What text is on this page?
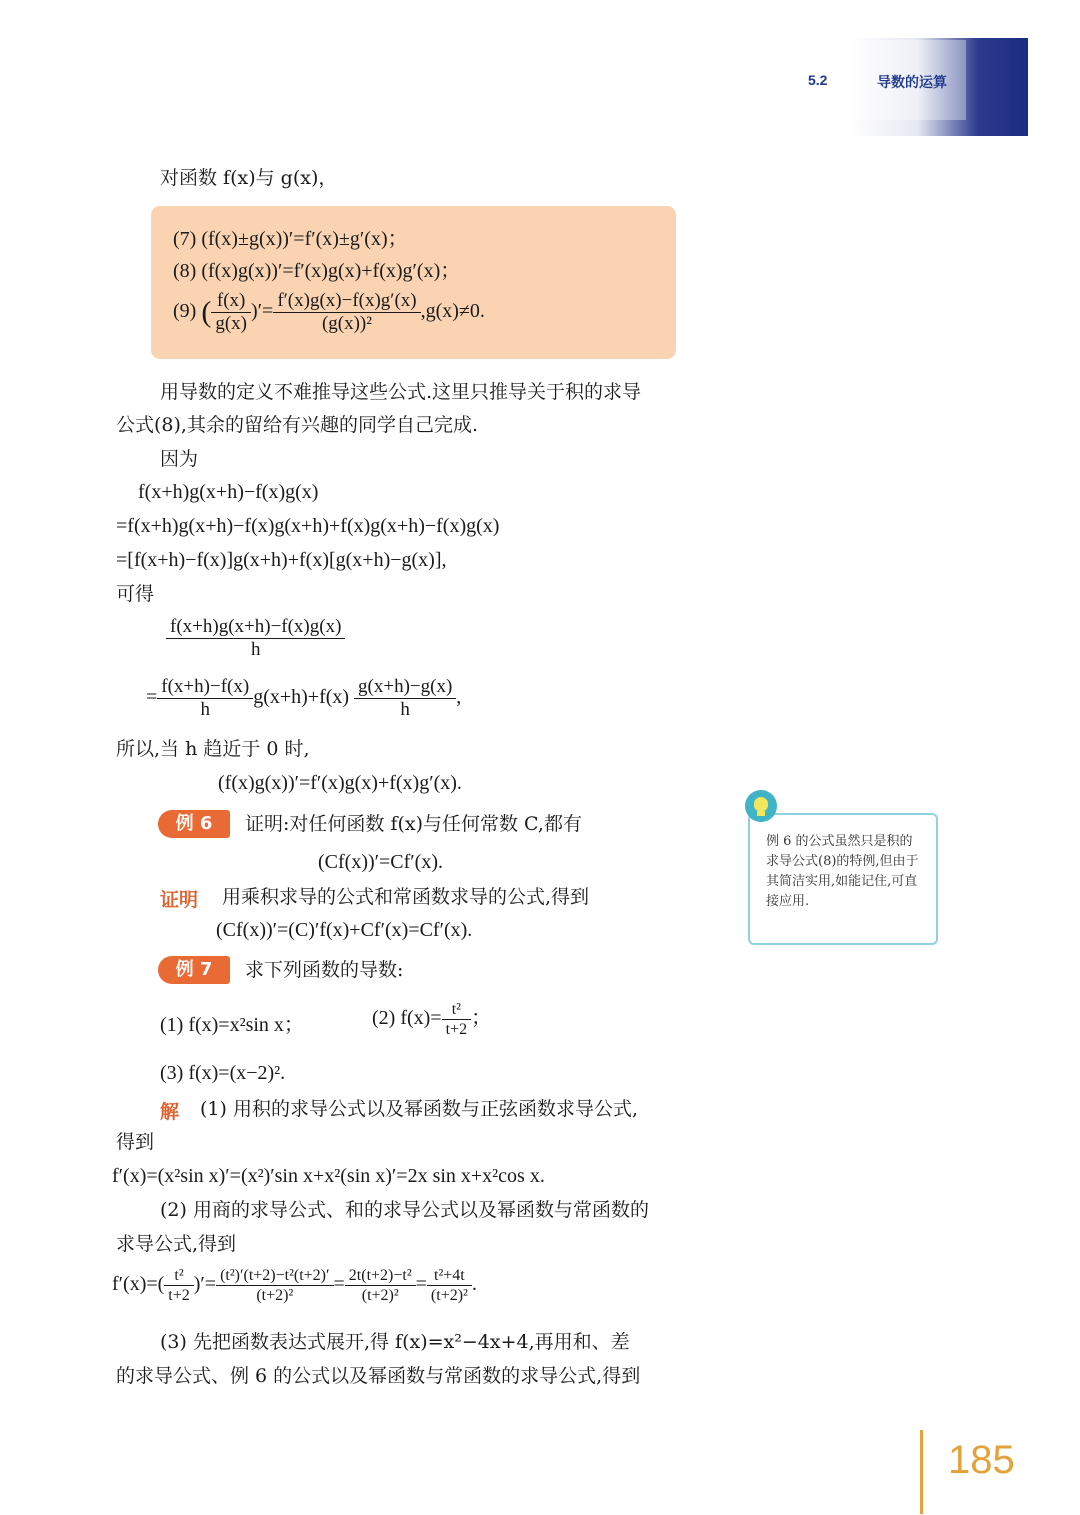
5.2	导数的运算
对函数 f(x)与 g(x)，
(7) (f(x)±g(x))′=f′(x)±g′(x)；
(8) (f(x)g(x))′=f′(x)g(x)+f(x)g′(x)；
(9) ( $\frac{f(x)}{g(x)}$ )′= $\frac{f'(x)g(x)-f(x)g'(x)}{\text{(g(x))²}} ,g(x)\ne 0$.
用导数的定义不难推导这些公式.这里只推导关于积的求导
公式(8),其余的留给有兴趣的同学自己完成.
因为
f(x+h)g(x+h)−f(x)g(x)
=f(x+h)g(x+h)−f(x)g(x+h)+f(x)g(x+h)−f(x)g(x)
=[f(x+h)−f(x)]g(x+h)+f(x)[g(x+h)−g(x)],
可得
$\frac{f(x+h)g(x+h)-f(x)g(x)}{h}$
= $\frac{f(x+h)-f(x)}{h} g(x+h)+f(x) \frac{g(x+h)-g(x)}{h}$ ,
所以,当 h 趋近于 0 时,
(f(x)g(x))′=f′(x)g(x)+f(x)g′(x).
例 6	证明:对任何函数 f(x)与任何常数 C,都有
(Cf(x))′=Cf′(x).
证明 用乘积求导的公式和常函数求导的公式,得到
(Cf(x))′=(C)′f(x)+Cf′(x)=Cf′(x).
例 7	求下列函数的导数:
(1) f(x)=x²sin x；	(2) $f(x)= \frac{\text{t²}}{t+2}$ ；
(3) f(x)=(x−2)².
解 (1) 用积的求导公式以及幂函数与正弦函数求导公式,
得到
f′(x)=(x²sin x)′=(x²)′sin x+x²(sin x)′=2x sin x+x²cos x.
(2) 用商的求导公式、和的求导公式以及幂函数与常函数的
求导公式,得到
$f'(x)=( \frac{\text{t²}}{t+2}$ )′= $\frac{\text{(t²)′(t+2)−t²(t+2)′}}{\text{(t+2)²}} = \frac{\text{2t(t+2)−t²}}{\text{(t+2)²}} = \frac{\text{t²+4t}}{\text{(t+2)²}}$ .
(3) 先把函数表达式展开,得 f(x)=x²−4x+4,再用和、差
的求导公式、例 6 的公式以及幂函数与常函数的求导公式,得到
例 6 的公式虽然只是积的求导公式(8)的特例,但由于其简洁实用,如能记住,可直接应用.
185
